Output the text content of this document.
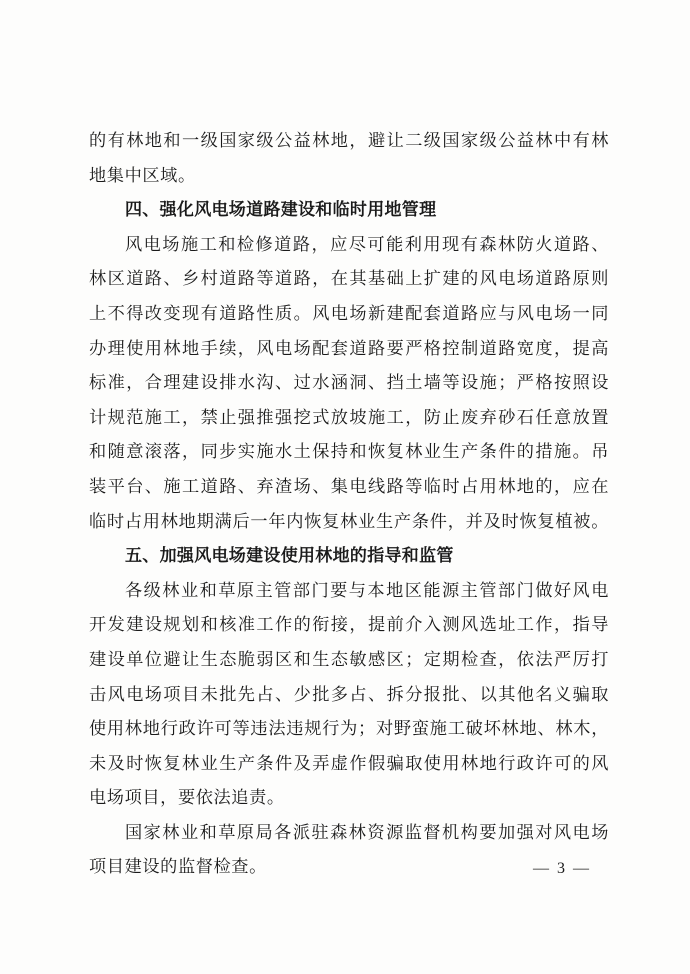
的有林地和一级国家级公益林地，避让二级国家级公益林中有林
地集中区域。
四、强化风电场道路建设和临时用地管理
风电场施工和检修道路，应尽可能利用现有森林防火道路、
林区道路、乡村道路等道路，在其基础上扩建的风电场道路原则
上不得改变现有道路性质。风电场新建配套道路应与风电场一同
办理使用林地手续，风电场配套道路要严格控制道路宽度，提高
标准，合理建设排水沟、过水涵洞、挡土墙等设施；严格按照设
计规范施工，禁止强推强挖式放坡施工，防止废弃砂石任意放置
和随意滚落，同步实施水土保持和恢复林业生产条件的措施。吊
装平台、施工道路、弃渣场、集电线路等临时占用林地的，应在
临时占用林地期满后一年内恢复林业生产条件，并及时恢复植被。
五、加强风电场建设使用林地的指导和监管
各级林业和草原主管部门要与本地区能源主管部门做好风电
开发建设规划和核准工作的衔接，提前介入测风选址工作，指导
建设单位避让生态脆弱区和生态敏感区；定期检查，依法严厉打
击风电场项目未批先占、少批多占、拆分报批、以其他名义骗取
使用林地行政许可等违法违规行为；对野蛮施工破坏林地、林木，
未及时恢复林业生产条件及弄虚作假骗取使用林地行政许可的风
电场项目，要依法追责。
国家林业和草原局各派驻森林资源监督机构要加强对风电场
项目建设的监督检查。	— 3 —
